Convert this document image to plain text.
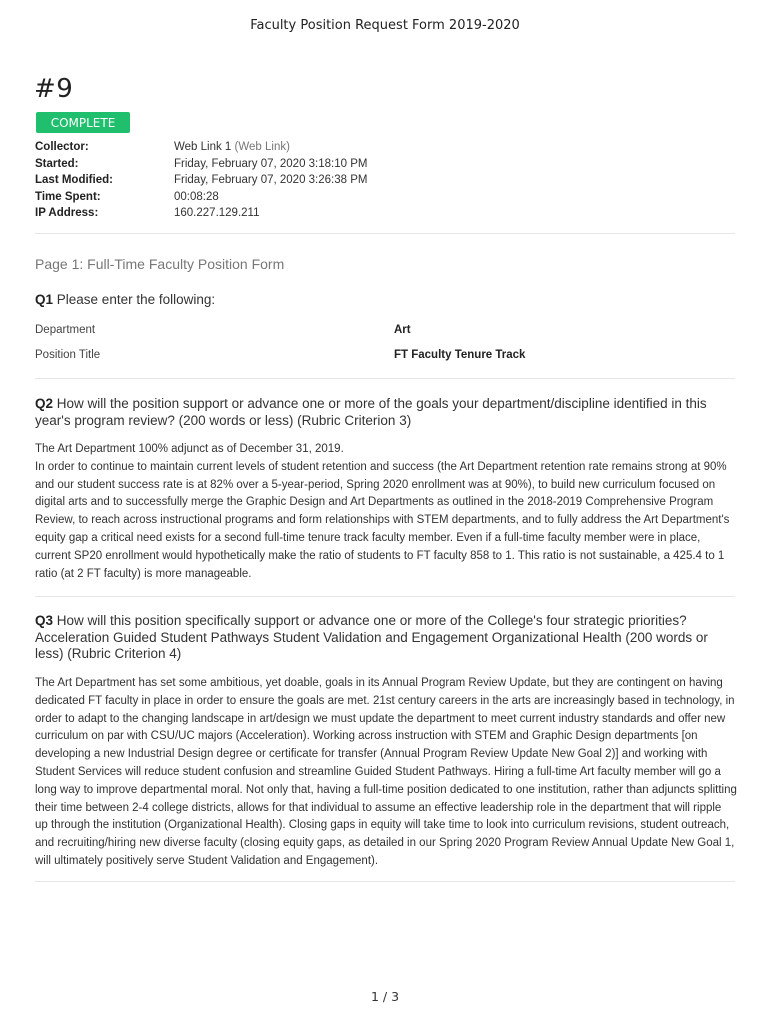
Faculty Position Request Form 2019-2020
#9
COMPLETE
Collector:	Web Link 1 (Web Link)
Started:	Friday, February 07, 2020 3:18:10 PM
Last Modified:	Friday, February 07, 2020 3:26:38 PM
Time Spent:	00:08:28
IP Address:	160.227.129.211
Page 1: Full-Time Faculty Position Form
Q1 Please enter the following:
Department	Art
Position Title	FT Faculty Tenure Track
Q2 How will the position support or advance one or more of the goals your department/discipline identified in this year's program review? (200 words or less) (Rubric Criterion 3)

The Art Department 100% adjunct as of December 31, 2019.

In order to continue to maintain current levels of student retention and success (the Art Department retention rate remains strong at 90% and our student success rate is at 82% over a 5-year-period, Spring 2020 enrollment was at 90%), to build new curriculum focused on digital arts and to successfully merge the Graphic Design and Art Departments as outlined in the 2018-2019 Comprehensive Program Review, to reach across instructional programs and form relationships with STEM departments, and to fully address the Art Department's equity gap a critical need exists for a second full-time tenure track faculty member. Even if a full-time faculty member were in place, current SP20 enrollment would hypothetically make the ratio of students to FT faculty 858 to 1. This ratio is not sustainable, a 425.4 to 1 ratio (at 2 FT faculty) is more manageable.

Q3 How will this position specifically support or advance one or more of the College's four strategic priorities? Acceleration Guided Student Pathways Student Validation and Engagement Organizational Health (200 words or less) (Rubric Criterion 4)

The Art Department has set some ambitious, yet doable, goals in its Annual Program Review Update, but they are contingent on having dedicated FT faculty in place in order to ensure the goals are met. 21st century careers in the arts are increasingly based in technology, in order to adapt to the changing landscape in art/design we must update the department to meet current industry standards and offer new curriculum on par with CSU/UC majors (Acceleration). Working across instruction with STEM and Graphic Design departments [on developing a new Industrial Design degree or certificate for transfer (Annual Program Review Update New Goal 2)] and working with Student Services will reduce student confusion and streamline Guided Student Pathways. Hiring a full-time Art faculty member will go a long way to improve departmental moral. Not only that, having a full-time position dedicated to one institution, rather than adjuncts splitting their time between 2-4 college districts, allows for that individual to assume an effective leadership role in the department that will ripple up through the institution (Organizational Health). Closing gaps in equity will take time to look into curriculum revisions, student outreach, and recruiting/hiring new diverse faculty (closing equity gaps, as detailed in our Spring 2020 Program Review Annual Update New Goal 1, will ultimately positively serve Student Validation and Engagement).

1 / 3
